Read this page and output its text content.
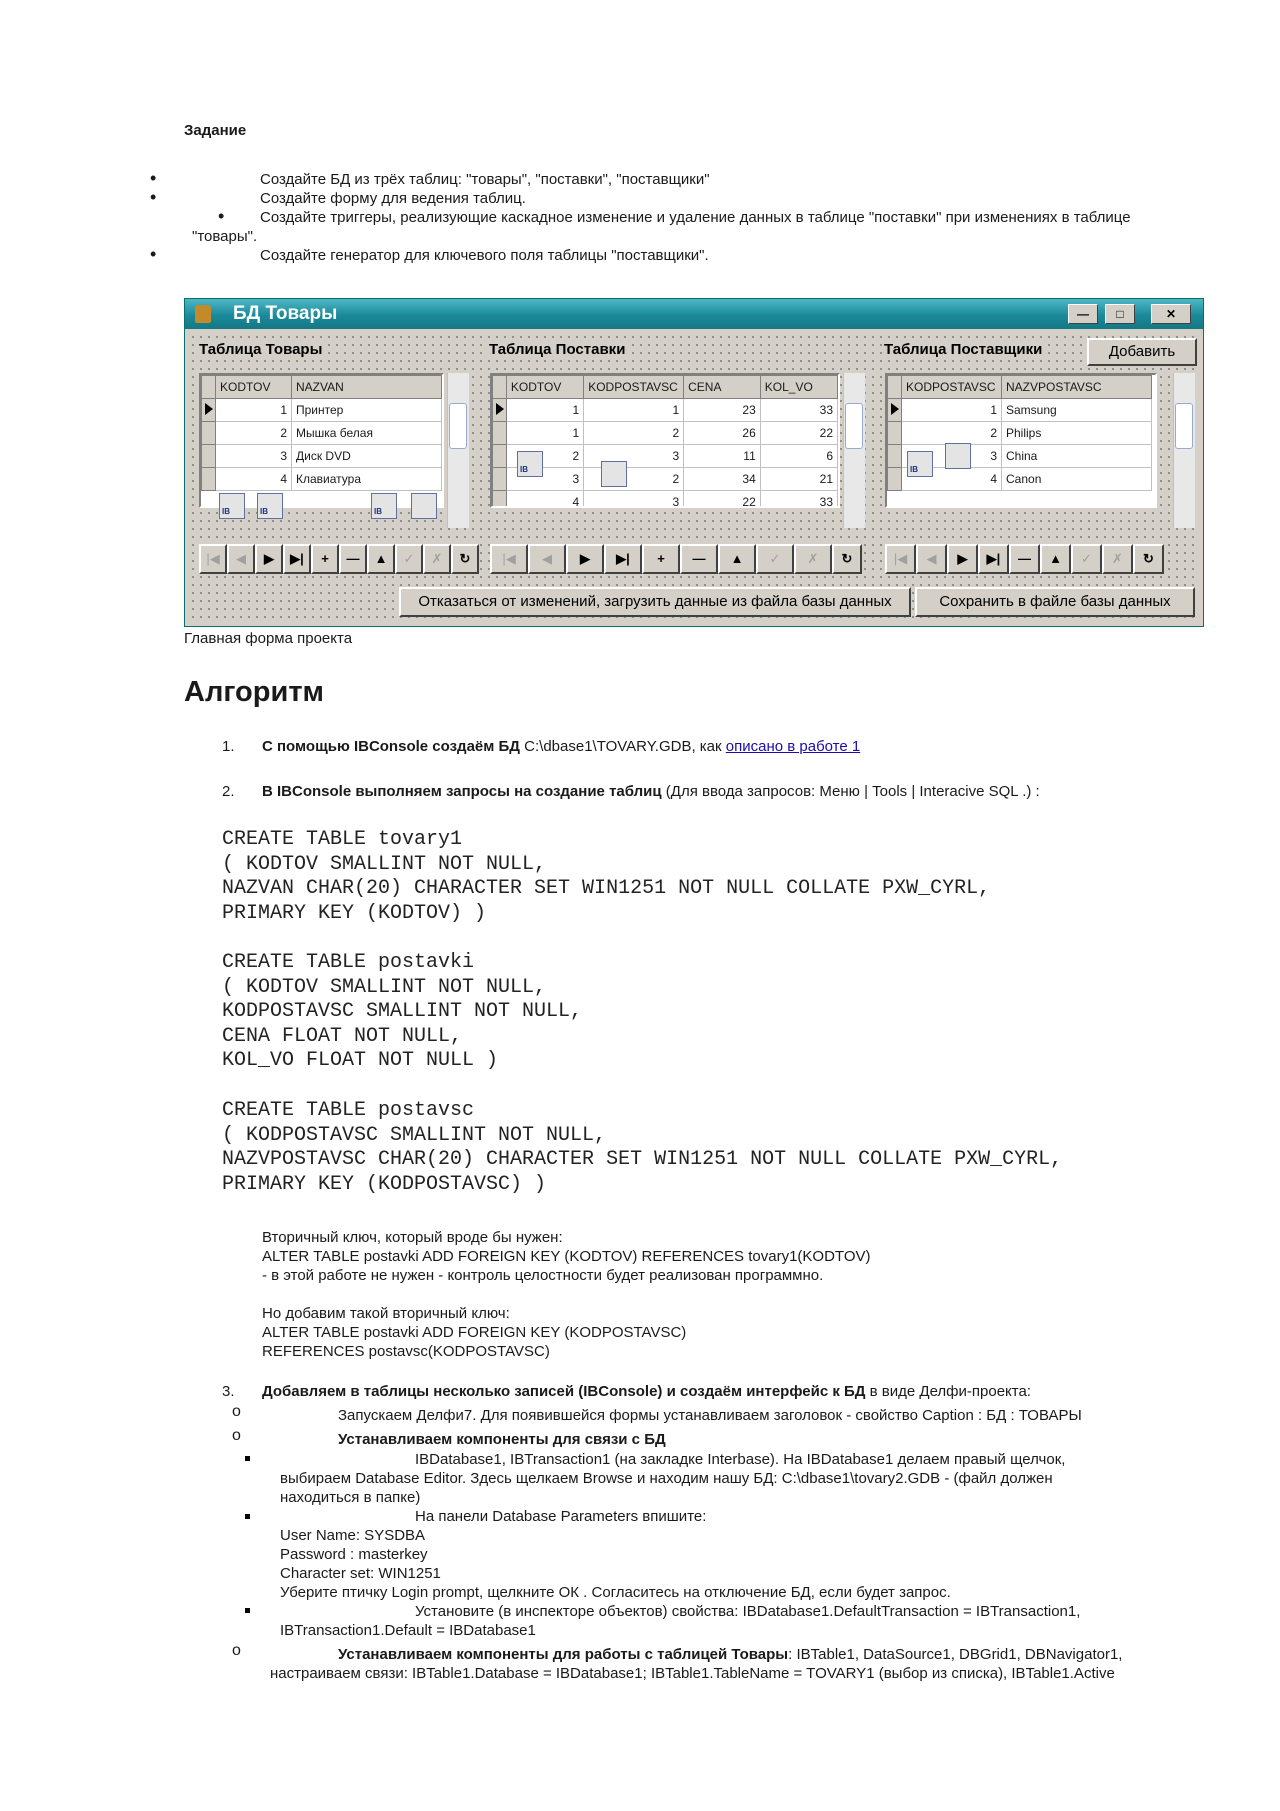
Задание
• Создайте БД из трёх таблиц: "товары", "поставки", "поставщики"
• Создайте форму для ведения таблиц.
• Создайте триггеры, реализующие каскадное изменение и удаление данных в таблице "поставки" при изменениях в таблице "товары".
• Создайте генератор для ключевого поля таблицы "поставщики".
БД Товары	—	□	✕
Таблица Товары	Таблица Поставки	Таблица Поставщики	Добавить
	KODTOV	NAZVAN
	1	Принтер
	2	Мышка белая
	3	Диск DVD
	4	Клавиатура
IB	IB	IB
	KODTOV	KODPOSTAVSC	CENA	KOL_VO
	1	1	23	33
	1	2	26	22
	2	3	11	6
	3	2	34	21
	4	3	22	33
IB
	KODPOSTAVSC	NAZVPOSTAVSC
	1	Samsung
	2	Philips
	3	China
	4	Canon
IB
|◀	◀	▶	▶|	+	—	▲	✓	✗	↻	|◀	◀	▶	▶|	+	—	▲	✓	✗	↻	|◀	◀	▶	▶|	—	▲	✓	✗	↻
Отказаться от изменений, загрузить данные из файла базы данных	Сохранить в файле базы данных
Главная форма проекта
Алгоритм
1. С помощью IBConsole создаём БД C:\dbase1\TOVARY.GDB, как описано в работе 1
2. В IBConsole выполняем запросы на создание таблиц (Для ввода запросов: Меню | Tools | Interacive SQL .) :
CREATE TABLE tovary1
( KODTOV SMALLINT NOT NULL,
NAZVAN CHAR(20) CHARACTER SET WIN1251 NOT NULL COLLATE PXW_CYRL,
PRIMARY KEY (KODTOV) )
CREATE TABLE postavki
( KODTOV SMALLINT NOT NULL,
KODPOSTAVSC SMALLINT NOT NULL,
CENA FLOAT NOT NULL,
KOL_VO FLOAT NOT NULL )
CREATE TABLE postavsc
( KODPOSTAVSC SMALLINT NOT NULL,
NAZVPOSTAVSC CHAR(20) CHARACTER SET WIN1251 NOT NULL COLLATE PXW_CYRL,
PRIMARY KEY (KODPOSTAVSC) )
Вторичный ключ, который вроде бы нужен:
ALTER TABLE postavki ADD FOREIGN KEY (KODTOV) REFERENCES tovary1(KODTOV)
- в этой работе не нужен - контроль целостности будет реализован программно.
Но добавим такой вторичный ключ:
ALTER TABLE postavki ADD FOREIGN KEY (KODPOSTAVSC)
REFERENCES postavsc(KODPOSTAVSC)
3. Добавляем в таблицы несколько записей (IBConsole) и создаём интерфейс к БД в виде Делфи-проекта:
o	Запускаем Делфи7. Для появившейся формы устанавливаем заголовок - свойство Caption : БД : ТОВАРЫ
o	Устанавливаем компоненты для связи с БД
IBDatabase1, IBTransaction1 (на закладке Interbase). На IBDatabase1 делаем правый щелчок,
выбираем Database Editor. Здесь щелкаем Browse и находим нашу БД: C:\dbase1\tovary2.GDB - (файл должен
находиться в папке)
На панели Database Parameters впишите:
User Name: SYSDBA
Password : masterkey
Character set: WIN1251
Уберите птичку Login prompt, щелкните ОК . Согласитесь на отключение БД, если будет запрос.
Установите (в инспекторе объектов) свойства: IBDatabase1.DefaultTransaction = IBTransaction1,
IBTransaction1.Default = IBDatabase1
o	Устанавливаем компоненты для работы с таблицей Товары: IBTable1, DataSource1, DBGrid1, DBNavigator1,
настраиваем связи: IBTable1.Database = IBDatabase1; IBTable1.TableName = TOVARY1 (выбор из списка), IBTable1.Active
